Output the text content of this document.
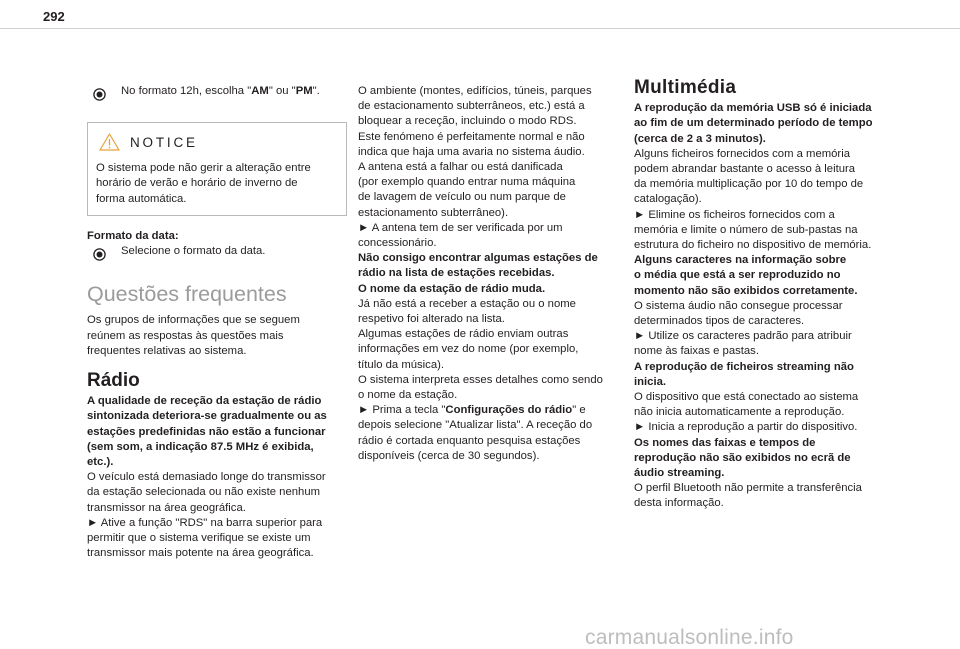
292
No formato 12h, escolha "AM" ou "PM".
NOTICE
O sistema pode não gerir a alteração entre
horário de verão e horário de inverno de
forma automática.
Formato da data:
Selecione o formato da data.
Questões frequentes
Os grupos de informações que se seguem
reúnem as respostas às questões mais
frequentes relativas ao sistema.
Rádio
A qualidade de receção da estação de rádio
sintonizada deteriora-se gradualmente ou as
estações predefinidas não estão a funcionar
(sem som, a indicação 87.5 MHz é exibida,
etc.).
O veículo está demasiado longe do transmissor
da estação selecionada ou não existe nenhum
transmissor na área geográfica.
► Ative a função "RDS" na barra superior para
permitir que o sistema verifique se existe um
transmissor mais potente na área geográfica.
O ambiente (montes, edifícios, túneis, parques
de estacionamento subterrâneos, etc.) está a
bloquear a receção, incluindo o modo RDS.
Este fenómeno é perfeitamente normal e não
indica que haja uma avaria no sistema áudio.
A antena está a falhar ou está danificada
(por exemplo quando entrar numa máquina
de lavagem de veículo ou num parque de
estacionamento subterrâneo).
► A antena tem de ser verificada por um
concessionário.
Não consigo encontrar algumas estações de
rádio na lista de estações recebidas.
O nome da estação de rádio muda.
Já não está a receber a estação ou o nome
respetivo foi alterado na lista.
Algumas estações de rádio enviam outras
informações em vez do nome (por exemplo,
título da música).
O sistema interpreta esses detalhes como sendo
o nome da estação.
► Prima a tecla "Configurações do rádio" e
depois selecione "Atualizar lista". A receção do
rádio é cortada enquanto pesquisa estações
disponíveis (cerca de 30 segundos).
Multimédia
A reprodução da memória USB só é iniciada
ao fim de um determinado período de tempo
(cerca de 2 a 3 minutos).
Alguns ficheiros fornecidos com a memória
podem abrandar bastante o acesso à leitura
da memória multiplicação por 10 do tempo de
catalogação).
► Elimine os ficheiros fornecidos com a
memória e limite o número de sub-pastas na
estrutura do ficheiro no dispositivo de memória.
Alguns caracteres na informação sobre
o média que está a ser reproduzido no
momento não são exibidos corretamente.
O sistema áudio não consegue processar
determinados tipos de caracteres.
► Utilize os caracteres padrão para atribuir
nome às faixas e pastas.
A reprodução de ficheiros streaming não
inicia.
O dispositivo que está conectado ao sistema
não inicia automaticamente a reprodução.
► Inicia a reprodução a partir do dispositivo.
Os nomes das faixas e tempos de
reprodução não são exibidos no ecrã de
áudio streaming.
O perfil Bluetooth não permite a transferência
desta informação.
carmanualsonline.info
